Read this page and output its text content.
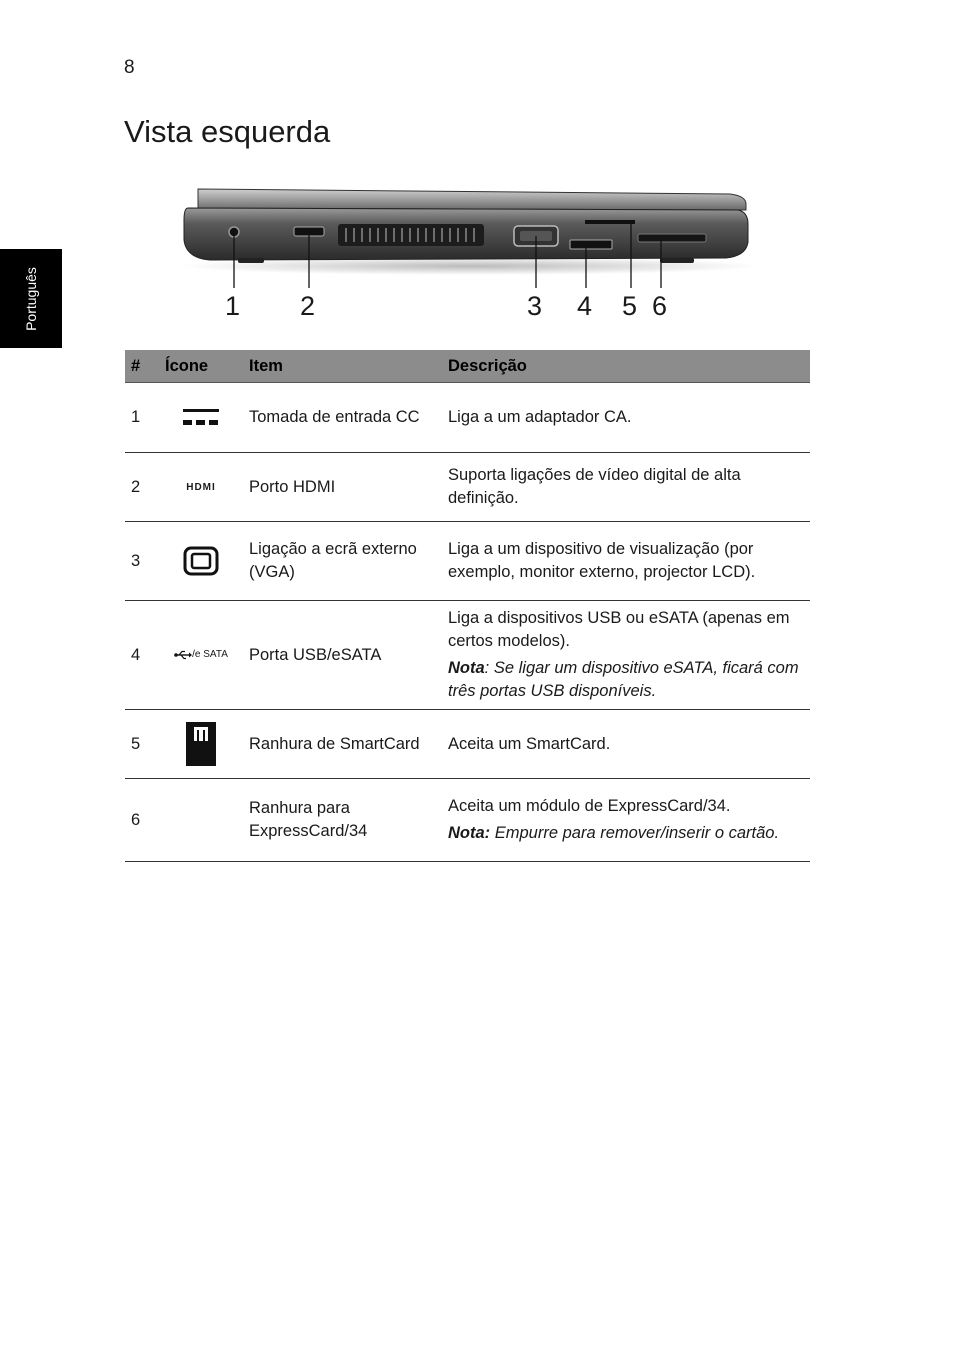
8
Vista esquerda
Português	1 2	3 4 5 6
#	Ícone	Item	Descrição
1		Tomada de entrada CC	Liga a um adaptador CA.

2	HDMI	Porto HDMI	Suporta ligações de vídeo digital de alta definição.

3		Ligação a ecrã externo (VGA)	Liga a um dispositivo de visualização (por exemplo, monitor externo, projector LCD).

4	/e SATA	Porta USB/eSATA	Liga a dispositivos USB ou eSATA (apenas em certos modelos).
Nota: Se ligar um dispositivo eSATA, ficará com três portas USB disponíveis.

5		Ranhura de SmartCard	Aceita um SmartCard.

6		Ranhura para ExpressCard/34	Aceita um módulo de ExpressCard/34.
Nota: Empurre para remover/inserir o cartão.
